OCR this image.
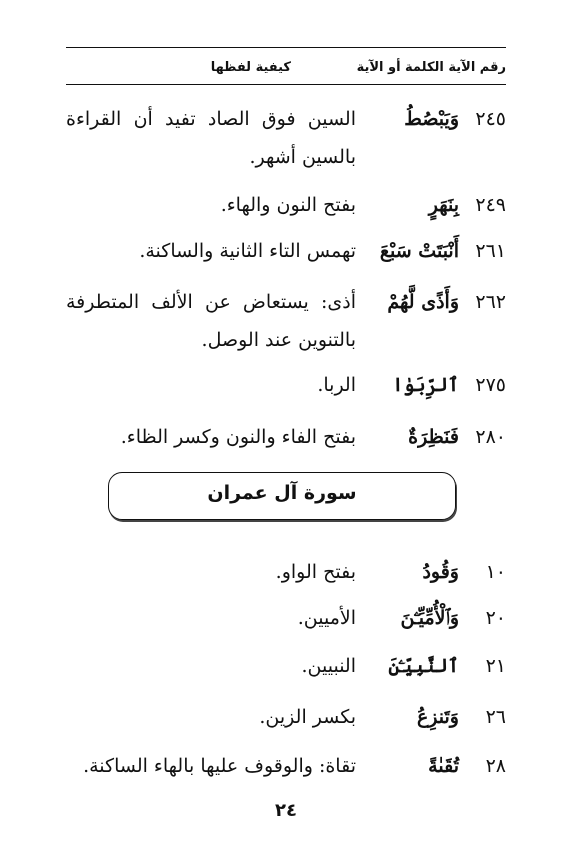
رقم الآية الكلمة أو الآية
كيفية لفظها
٢٤٥
وَيَبْصُطُ
السين فوق الصاد تفيد أن القراءة بالسين أشهر.
٢٤٩
بِنَهَرٍ
بفتح النون والهاء.
٢٦١
أَنْبَتَتْ سَبْعَ
تهمس التاء الثانية والساكنة.
٢٦٢
وَأَذًى لَّهُمْ
أذى: يستعاض عن الألف المتطرفة بالتنوين عند الوصل.
٢٧٥
ٱلرِّبَوٰا
الربا.
٢٨٠
فَنَظِرَةٌ
بفتح الفاء والنون وكسر الظاء.
سورة آل عمران
١٠
وَقُودُ
بفتح الواو.
٢٠
وَٱلْأُمِّيِّـۧنَ
الأميين.
٢١
ٱلنَّبِيِّـۧنَ
النبيين.
٢٦
وَتَنزِعُ
بكسر الزين.
٢٨
تُقَىٰةً
تقاة: والوقوف عليها بالهاء الساكنة.
٢٤
